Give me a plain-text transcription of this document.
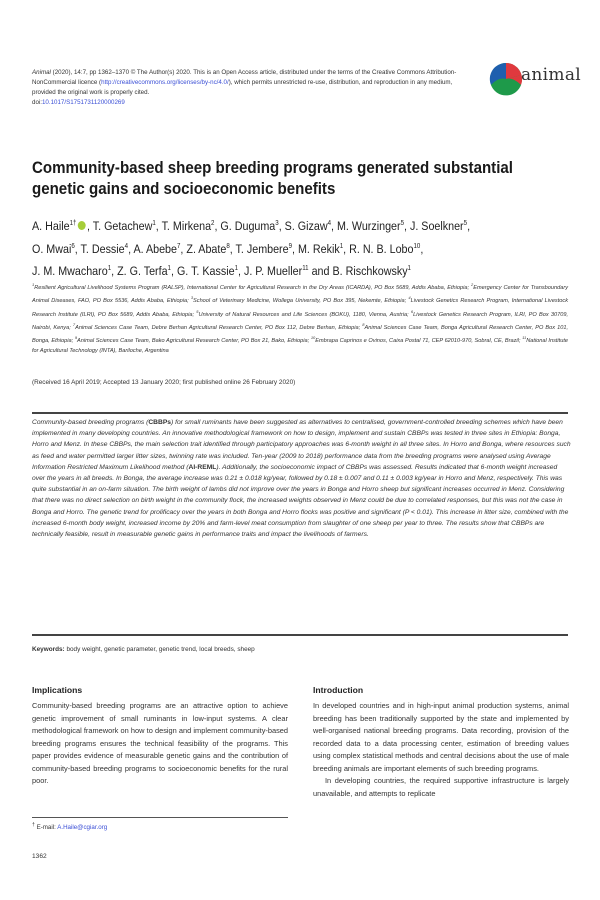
Animal (2020), 14:7, pp 1362–1370 © The Author(s) 2020. This is an Open Access article, distributed under the terms of the Creative Commons Attribution-NonCommercial licence (http://creativecommons.org/licenses/by-nc/4.0/), which permits unrestricted re-use, distribution, and reproduction in any medium, provided the original work is properly cited.
doi:10.1017/S1751731120000269
animal
Community-based sheep breeding programs generated substantial genetic gains and socioeconomic benefits
A. Haile$^{1\dagger}$ , T. Getachew$^1$, T. Mirkena$^2$, G. Duguma$^3$, S. Gizaw$^4$, M. Wurzinger$^5$, J. Soelkner$^5$,
O. Mwai$^6$, T. Dessie$^4$, A. Abebe$^7$, Z. Abate$^8$, T. Jembere$^9$, M. Rekik$^1$, R. N. B. Lobo$^{10}$,
J. M. Mwacharo$^1$, Z. G. Terfa$^1$, G. T. Kassie$^1$, J. P. Mueller$^{11}$ and B. Rischkowsky$^1$
$^1$Resilient Agricultural Livelihood Systems Program (RALSP), International Center for Agricultural Research in the Dry Areas (ICARDA), PO Box 5689, Addis Ababa, Ethiopia; $^2$Emergency Center for Transboundary Animal Diseases, FAO, PO Box 5536, Addis Ababa, Ethiopia; $^3$School of Veterinary Medicine, Wollega University, PO Box 395, Nekemte, Ethiopia; $^4$Livestock Genetics Research Program, International Livestock Research Institute (ILRI), PO Box 5689, Addis Ababa, Ethiopia; $^5$University of Natural Resources and Life Sciences (BOKU), 1180, Vienna, Austria; $^6$Livestock Genetics Research Program, ILRI, PO Box 30709, Nairobi, Kenya; $^7$Animal Sciences Case Team, Debre Berhan Agricultural Research Center, PO Box 112, Debre Berhan, Ethiopia; $^8$Animal Sciences Case Team, Bonga Agricultural Research Center, PO Box 101, Bonga, Ethiopia; $^9$Animal Sciences Case Team, Bako Agricultural Research Center, PO Box 21, Bako, Ethiopia; $^{10}$Embrapa Caprinos e Ovinos, Caixa Postal 71, CEP 62010-970, Sobral, CE, Brazil; $^{11}$National Institute for Agricultural Technology (INTA), Bariloche, Argentina
(Received 16 April 2019; Accepted 13 January 2020; first published online 26 February 2020)
Community-based breeding programs (CBBPs) for small ruminants have been suggested as alternatives to centralised, government-controlled breeding schemes which have been implemented in many developing countries. An innovative methodological framework on how to design, implement and sustain CBBPs was tested in three sites in Ethiopia: Bonga, Horro and Menz. In these CBBPs, the main selection trait identified through participatory approaches was 6-month weight in all three sites. In Horro and Bonga, where resources such as feed and water permitted larger litter sizes, twinning rate was included. Ten-year (2009 to 2018) performance data from the breeding programs were analysed using Average Information Restricted Maximum Likelihood method (AI-REML). Additionally, the socioeconomic impact of CBBPs was assessed. Results indicated that 6-month weight increased over the years in all breeds. In Bonga, the average increase was 0.21 ± 0.018 kg/year, followed by 0.18 ± 0.007 and 0.11 ± 0.003 kg/year in Horro and Menz, respectively. This was quite substantial in an on-farm situation. The birth weight of lambs did not improve over the years in Bonga and Horro sheep but significant increases occurred in Menz. Considering that there was no direct selection on birth weight in the community flock, the increased weights observed in Menz could be due to correlated responses, but this was not the case in Bonga and Horro. The genetic trend for prolificacy over the years in both Bonga and Horro flocks was positive and significant (P < 0.01). This increase in litter size, combined with the increased 6-month body weight, increased income by 20% and farm-level meat consumption from slaughter of one sheep per year to three. The results show that CBBPs are technically feasible, result in measurable genetic gains in performance traits and impact the livelihoods of farmers.
Keywords: body weight, genetic parameter, genetic trend, local breeds, sheep
Implications

Community-based breeding programs are an attractive option to achieve genetic improvement of small ruminants in low-input systems. A clear methodological framework on how to design and implement community-based breeding programs ensures the technical feasibility of the programs. This paper provides evidence of measurable genetic gains and the contribution of community-based breeding programs to socioeconomic benefits for the rural poor.

Introduction

In developed countries and in high-input animal production systems, animal breeding has been traditionally supported by the state and implemented by well-organised national breeding programs. Data recording, provision of the recorded data to a data processing center, estimation of breeding values using complex statistical methods and central decisions about the use of male breeding animals are important elements of such breeding programs.

In developing countries, the required supportive infrastructure is largely unavailable, and attempts to replicate

† E-mail: A.Haile@cgiar.org
1362
